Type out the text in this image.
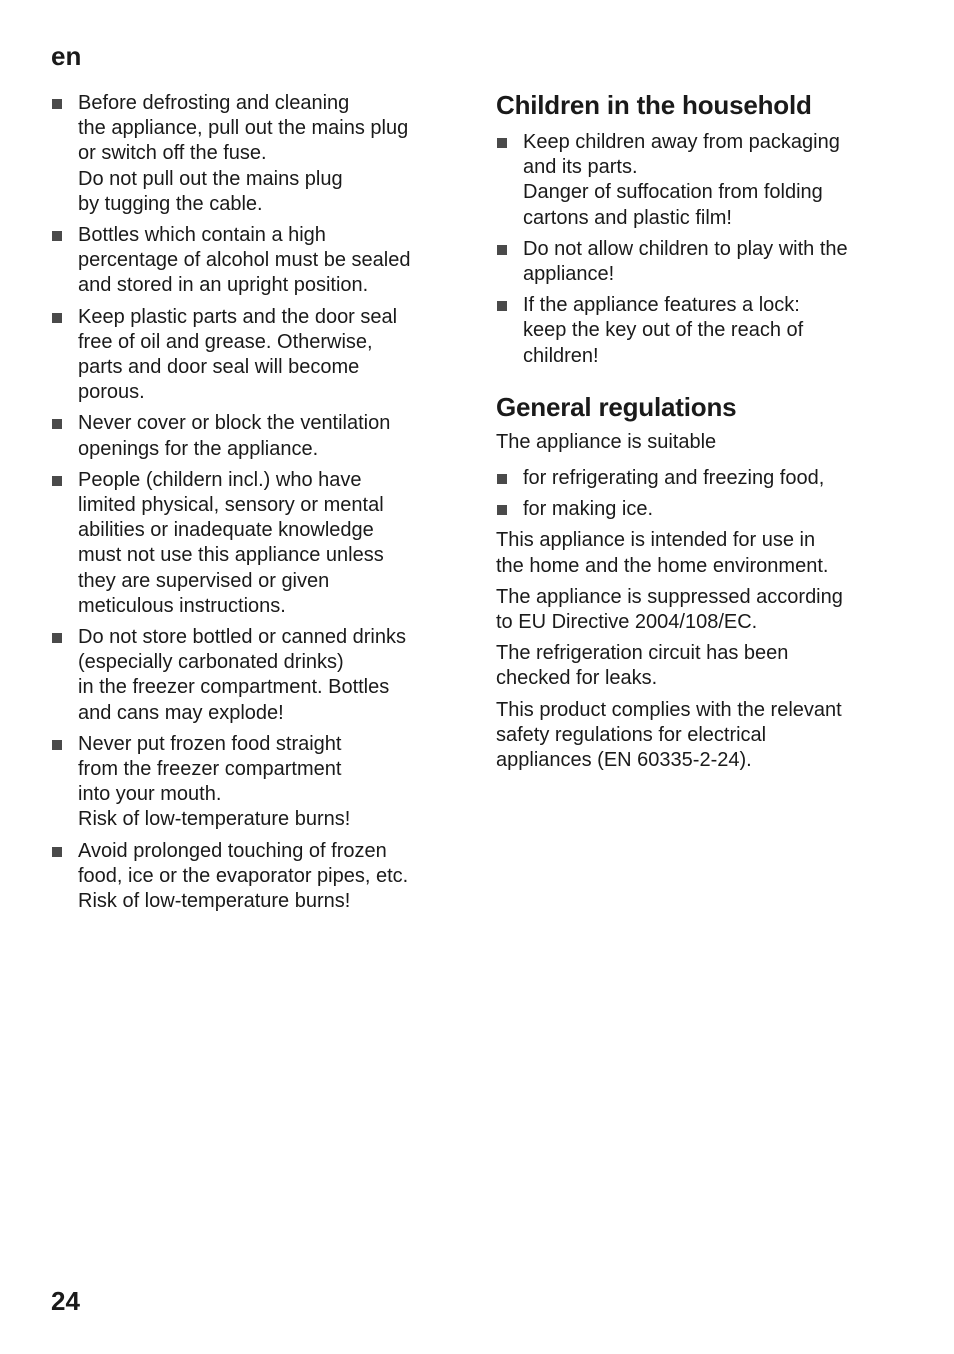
en
Before defrosting and cleaning
the appliance, pull out the mains plug
or switch off the fuse.
Do not pull out the mains plug
by tugging the cable.
Bottles which contain a high
percentage of alcohol must be sealed
and stored in an upright position.
Keep plastic parts and the door seal
free of oil and grease. Otherwise,
parts and door seal will become
porous.
Never cover or block the ventilation
openings for the appliance.
People (childern incl.) who have
limited physical, sensory or mental
abilities or inadequate knowledge
must not use this appliance unless
they are supervised or given
meticulous instructions.
Do not store bottled or canned drinks
(especially carbonated drinks)
in the freezer compartment. Bottles
and cans may explode!
Never put frozen food straight
from the freezer compartment
into your mouth.
Risk of low-temperature burns!
Avoid prolonged touching of frozen
food, ice or the evaporator pipes, etc.
Risk of low-temperature burns!
Children in the household
Keep children away from packaging
and its parts.
Danger of suffocation from folding
cartons and plastic film!
Do not allow children to play with the
appliance!
If the appliance features a lock:
keep the key out of the reach of
children!
General regulations

The appliance is suitable

for refrigerating and freezing food,
for making ice.

This appliance is intended for use in
the home and the home environment.

The appliance is suppressed according
to EU Directive 2004/108/EC.

The refrigeration circuit has been
checked for leaks.

This product complies with the relevant
safety regulations for electrical
appliances (EN 60335-2-24).

24
